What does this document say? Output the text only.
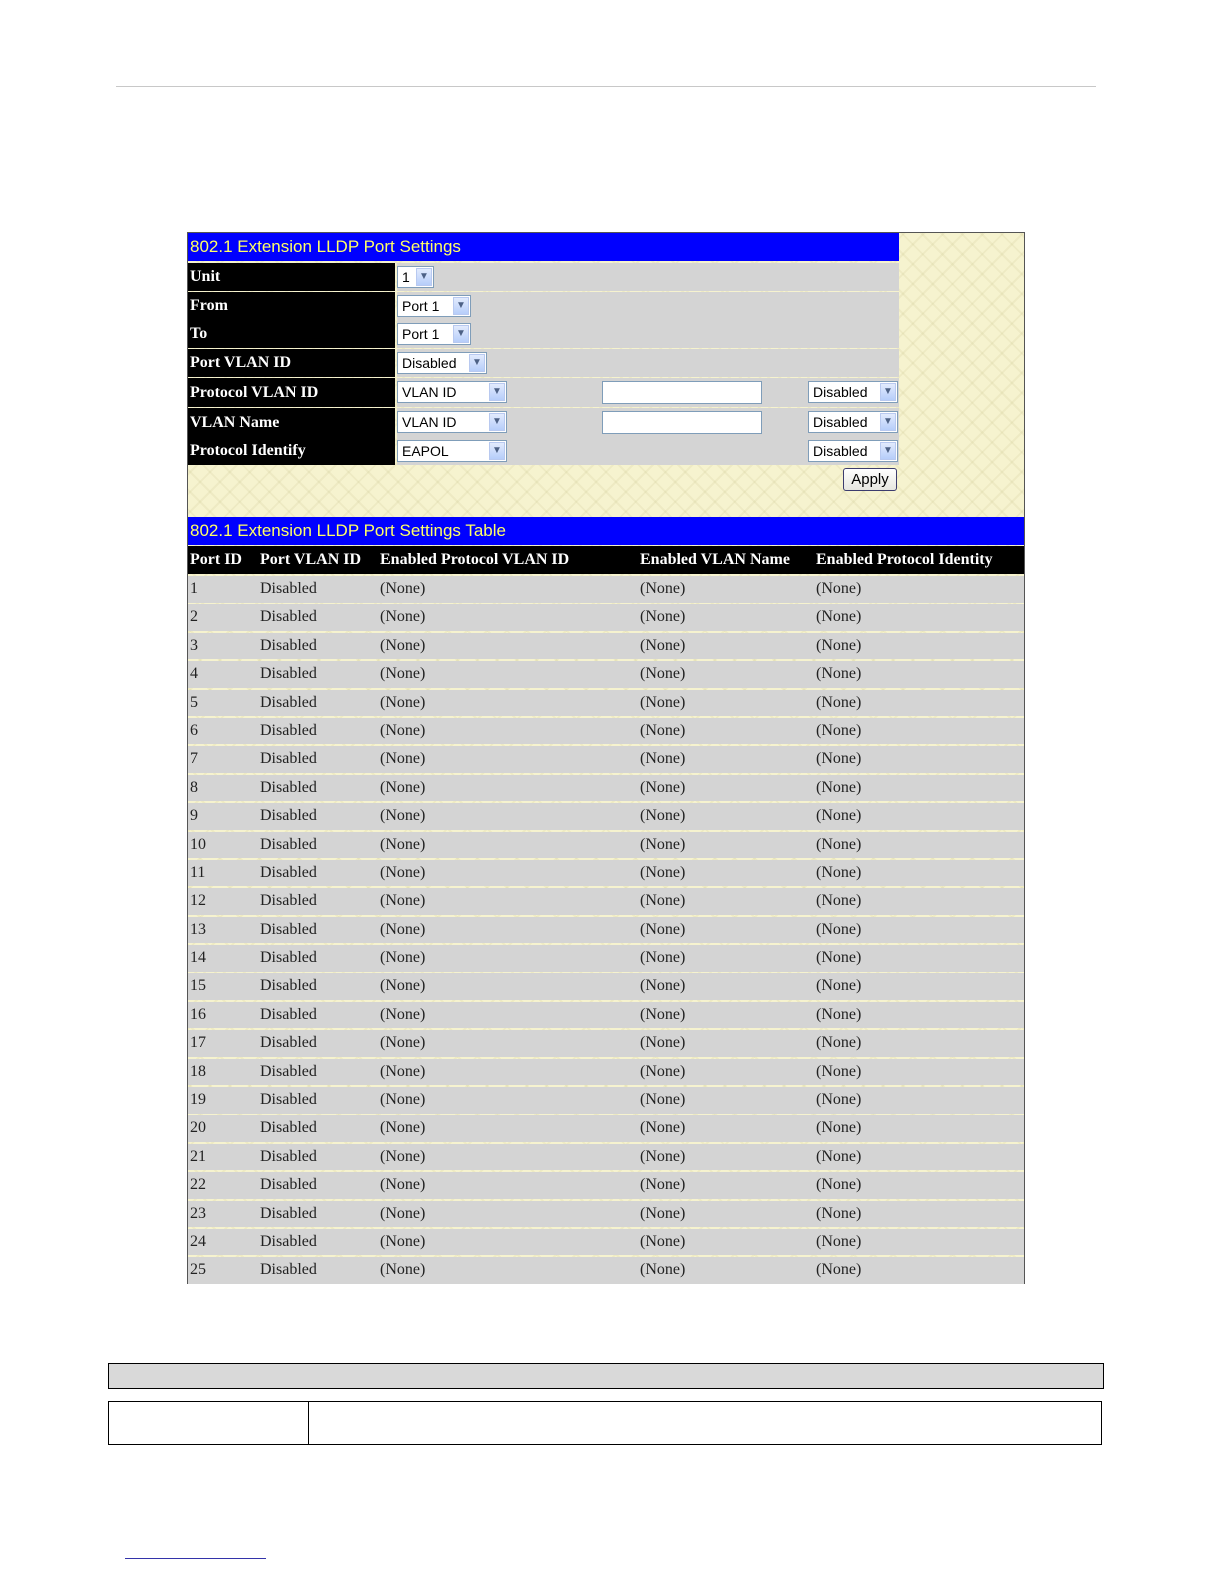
802.1 Extension LLDP Port Settings
Unit	1 ▼
From	Port 1	▼
To	Port 1	▼
Port VLAN ID	Disabled	▼
Protocol VLAN ID	VLAN ID	▼	Disabled	▼
VLAN Name	VLAN ID	▼	Disabled	▼
Protocol Identify	EAPOL	▼	Disabled	▼
Apply
802.1 Extension LLDP Port Settings Table
Port ID	Port VLAN ID	Enabled Protocol VLAN ID	Enabled VLAN Name	Enabled Protocol Identity
1	Disabled	(None)	(None)	(None)
2	Disabled	(None)	(None)	(None)
3	Disabled	(None)	(None)	(None)
4	Disabled	(None)	(None)	(None)
5	Disabled	(None)	(None)	(None)
6	Disabled	(None)	(None)	(None)
7	Disabled	(None)	(None)	(None)
8	Disabled	(None)	(None)	(None)
9	Disabled	(None)	(None)	(None)
10	Disabled	(None)	(None)	(None)
11	Disabled	(None)	(None)	(None)
12	Disabled	(None)	(None)	(None)
13	Disabled	(None)	(None)	(None)
14	Disabled	(None)	(None)	(None)
15	Disabled	(None)	(None)	(None)
16	Disabled	(None)	(None)	(None)
17	Disabled	(None)	(None)	(None)
18	Disabled	(None)	(None)	(None)
19	Disabled	(None)	(None)	(None)
20	Disabled	(None)	(None)	(None)
21	Disabled	(None)	(None)	(None)
22	Disabled	(None)	(None)	(None)
23	Disabled	(None)	(None)	(None)
24	Disabled	(None)	(None)	(None)
25	Disabled	(None)	(None)	(None)
